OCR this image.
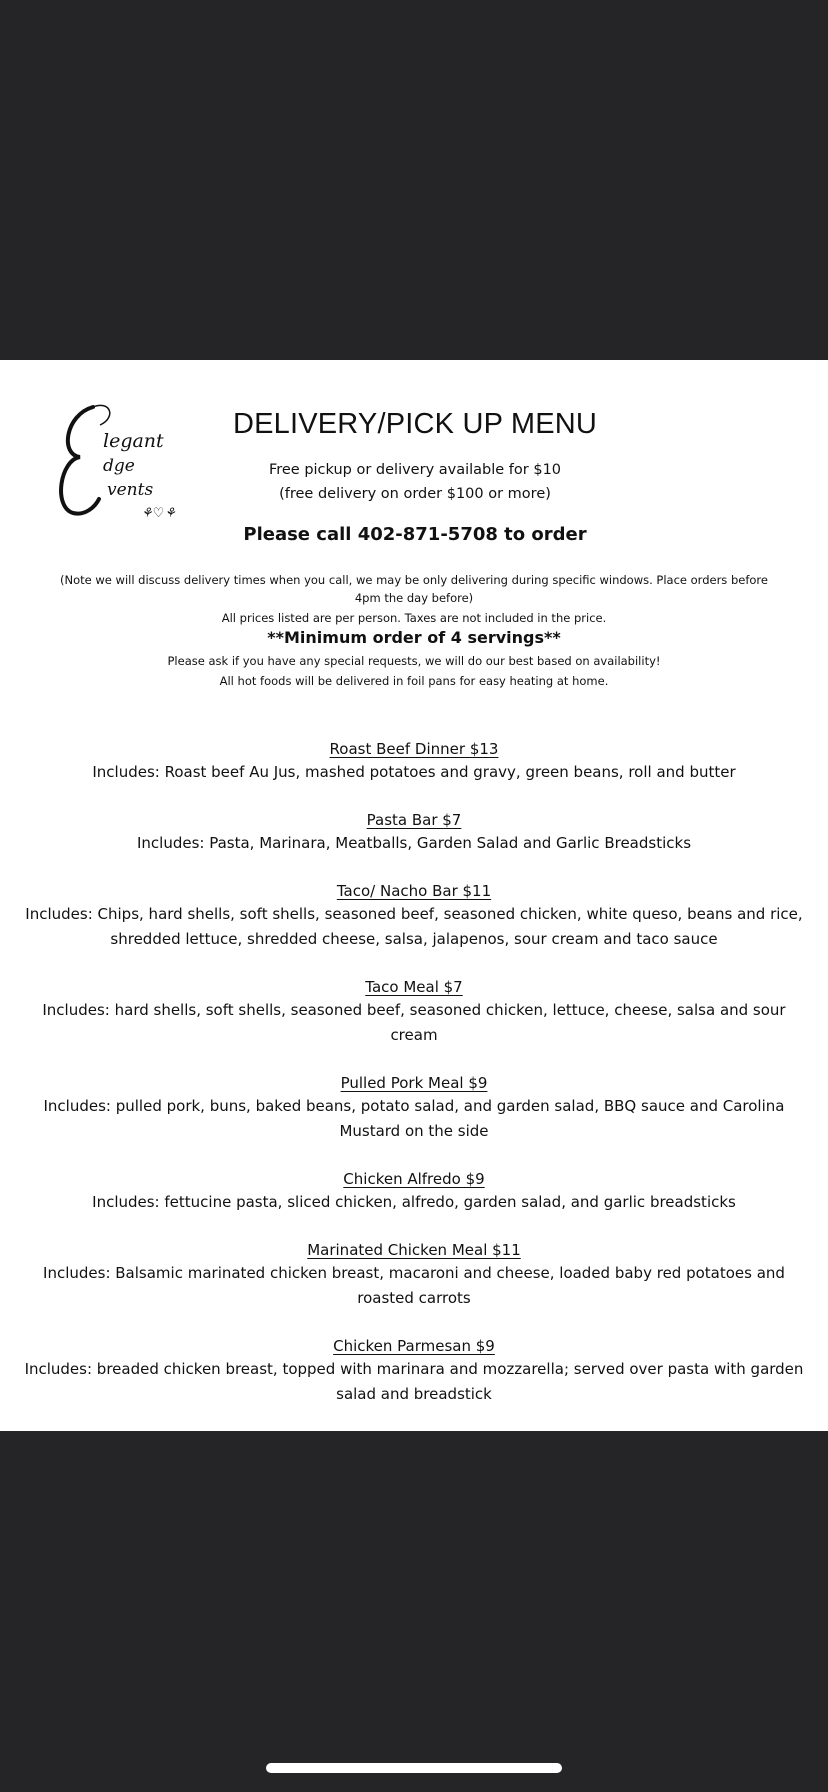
legant
dge
vents
⚘♡⚘
DELIVERY/PICK UP MENU
Free pickup or delivery available for $10
(free delivery on order $100 or more)
Please call 402-871-5708 to order
(Note we will discuss delivery times when you call, we may be only delivering during specific windows. Place orders before 4pm the day before)
All prices listed are per person. Taxes are not included in the price.
**Minimum order of 4 servings**
Please ask if you have any special requests, we will do our best based on availability!
All hot foods will be delivered in foil pans for easy heating at home.
Roast Beef Dinner $13
Includes: Roast beef Au Jus, mashed potatoes and gravy, green beans, roll and butter
Pasta Bar $7
Includes: Pasta, Marinara, Meatballs, Garden Salad and Garlic Breadsticks
Taco/ Nacho Bar $11
Includes: Chips, hard shells, soft shells, seasoned beef, seasoned chicken, white queso, beans and rice, shredded lettuce, shredded cheese, salsa, jalapenos, sour cream and taco sauce
Taco Meal $7
Includes: hard shells, soft shells, seasoned beef, seasoned chicken, lettuce, cheese, salsa and sour cream
Pulled Pork Meal $9
Includes: pulled pork, buns, baked beans, potato salad, and garden salad, BBQ sauce and Carolina Mustard on the side
Chicken Alfredo $9
Includes: fettucine pasta, sliced chicken, alfredo, garden salad, and garlic breadsticks
Marinated Chicken Meal $11
Includes: Balsamic marinated chicken breast, macaroni and cheese, loaded baby red potatoes and roasted carrots
Chicken Parmesan $9
Includes: breaded chicken breast, topped with marinara and mozzarella; served over pasta with garden salad and breadstick
